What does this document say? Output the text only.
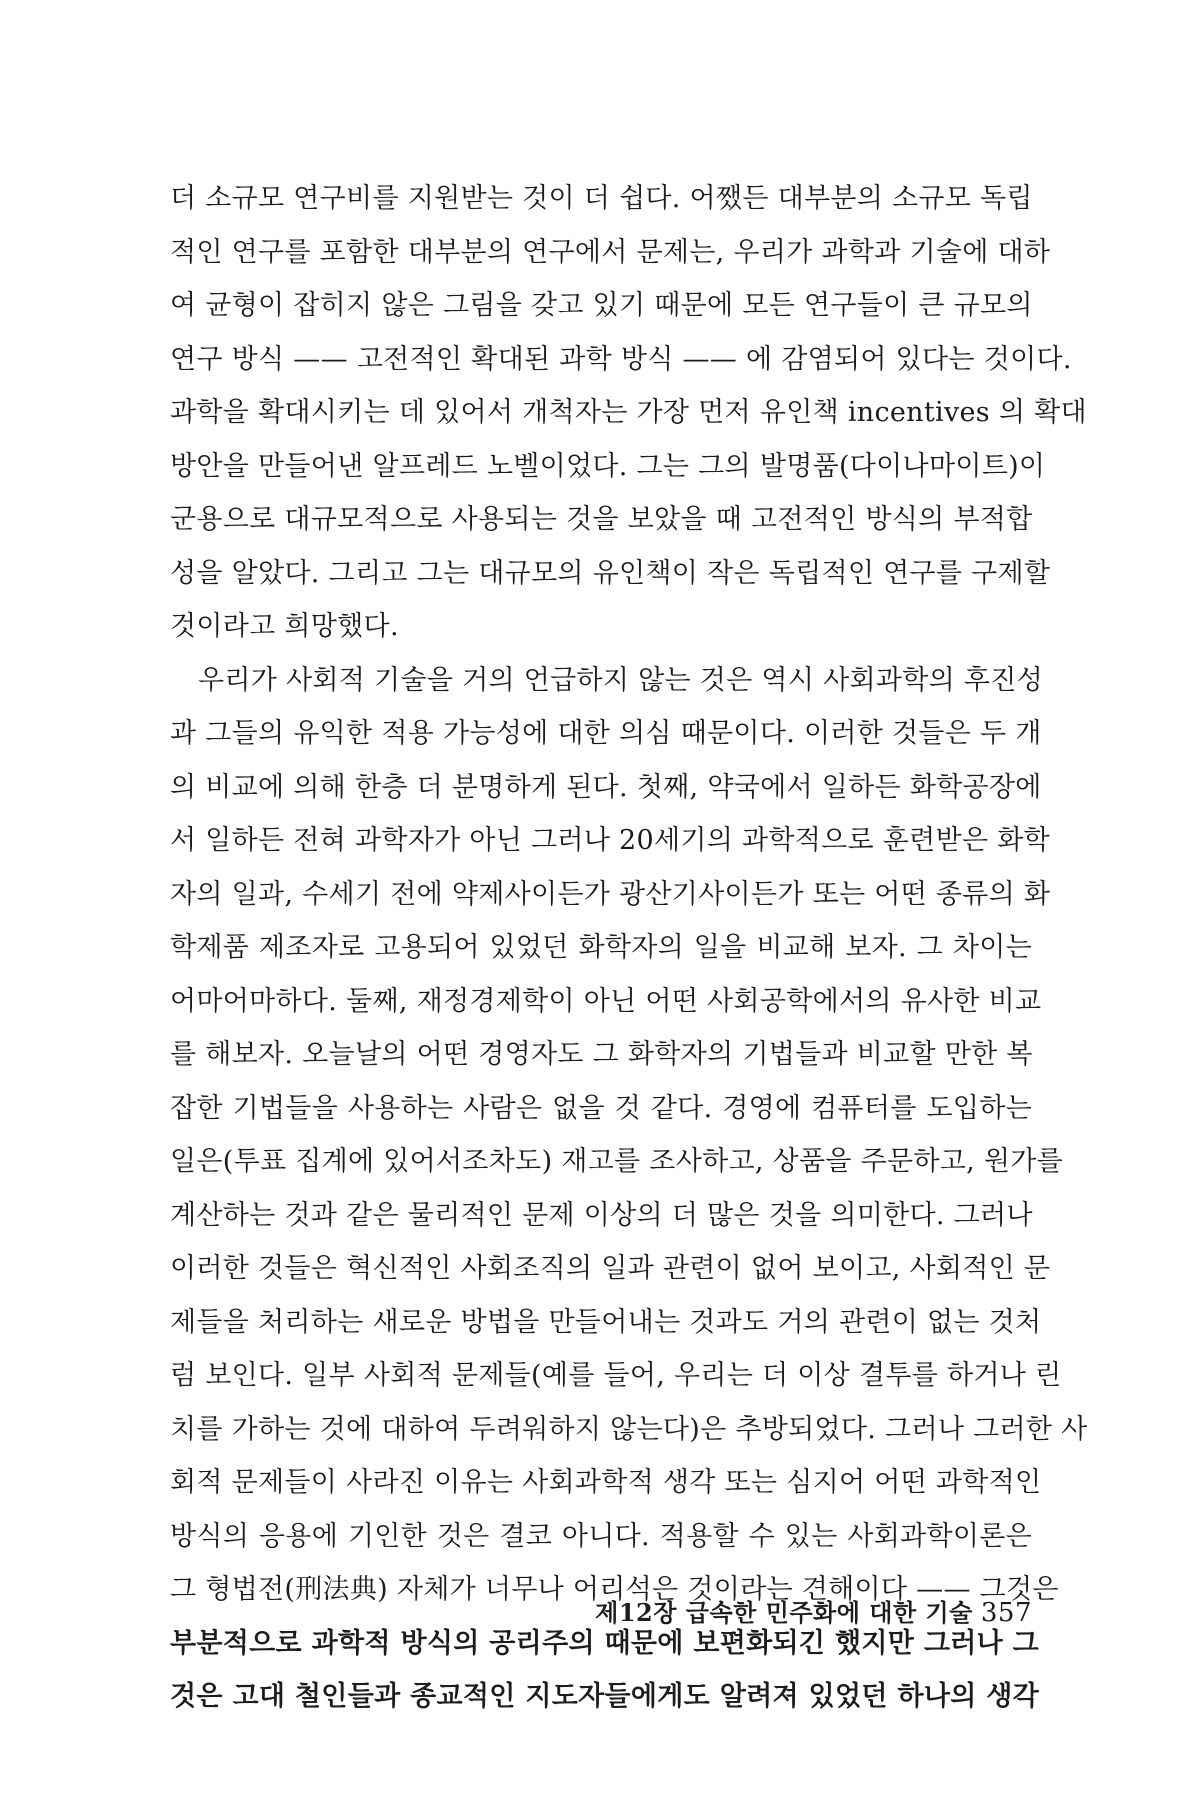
더 소규모 연구비를 지원받는 것이 더 쉽다. 어쨌든 대부분의 소규모 독립
적인 연구를 포함한 대부분의 연구에서 문제는, 우리가 과학과 기술에 대하
여 균형이 잡히지 않은 그림을 갖고 있기 때문에 모든 연구들이 큰 규모의
연구 방식 —— 고전적인 확대된 과학 방식 —— 에 감염되어 있다는 것이다.
과학을 확대시키는 데 있어서 개척자는 가장 먼저 유인책 incentives 의 확대
방안을 만들어낸 알프레드 노벨이었다. 그는 그의 발명품(다이나마이트)이
군용으로 대규모적으로 사용되는 것을 보았을 때 고전적인 방식의 부적합
성을 알았다. 그리고 그는 대규모의 유인책이 작은 독립적인 연구를 구제할
것이라고 희망했다.
우리가 사회적 기술을 거의 언급하지 않는 것은 역시 사회과학의 후진성
과 그들의 유익한 적용 가능성에 대한 의심 때문이다. 이러한 것들은 두 개
의 비교에 의해 한층 더 분명하게 된다. 첫째, 약국에서 일하든 화학공장에
서 일하든 전혀 과학자가 아닌 그러나 20세기의 과학적으로 훈련받은 화학
자의 일과, 수세기 전에 약제사이든가 광산기사이든가 또는 어떤 종류의 화
학제품 제조자로 고용되어 있었던 화학자의 일을 비교해 보자. 그 차이는
어마어마하다. 둘째, 재정경제학이 아닌 어떤 사회공학에서의 유사한 비교
를 해보자. 오늘날의 어떤 경영자도 그 화학자의 기법들과 비교할 만한 복
잡한 기법들을 사용하는 사람은 없을 것 같다. 경영에 컴퓨터를 도입하는
일은(투표 집계에 있어서조차도) 재고를 조사하고, 상품을 주문하고, 원가를
계산하는 것과 같은 물리적인 문제 이상의 더 많은 것을 의미한다. 그러나
이러한 것들은 혁신적인 사회조직의 일과 관련이 없어 보이고, 사회적인 문
제들을 처리하는 새로운 방법을 만들어내는 것과도 거의 관련이 없는 것처
럼 보인다. 일부 사회적 문제들(예를 들어, 우리는 더 이상 결투를 하거나 린
치를 가하는 것에 대하여 두려워하지 않는다)은 추방되었다. 그러나 그러한 사
회적 문제들이 사라진 이유는 사회과학적 생각 또는 심지어 어떤 과학적인
방식의 응용에 기인한 것은 결코 아니다. 적용할 수 있는 사회과학이론은
그 형법전(刑法典) 자체가 너무나 어리석은 것이라는 견해이다 —— 그것은
부분적으로 과학적 방식의 공리주의 때문에 보편화되긴 했지만 그러나 그
것은 고대 철인들과 종교적인 지도자들에게도 알려져 있었던 하나의 생각
제12장 급속한 민주화에 대한 기술 357
